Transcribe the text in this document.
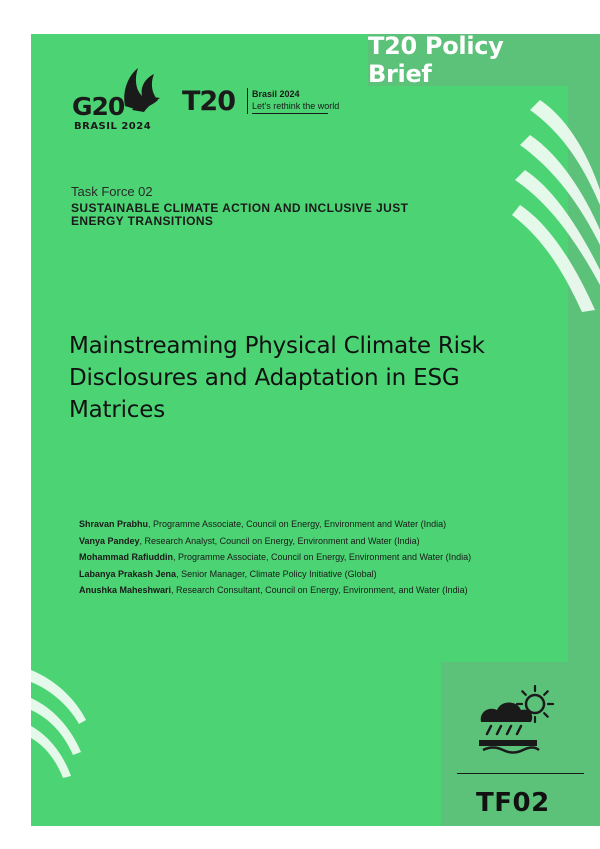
T20 Policy Brief
G20
BRASIL 2024
T20 Brasil 2024
Let's rethink the world
Task Force 02
SUSTAINABLE CLIMATE ACTION AND INCLUSIVE JUST ENERGY TRANSITIONS
Mainstreaming Physical Climate Risk Disclosures and Adaptation in ESG Matrices

Shravan Prabhu, Programme Associate, Council on Energy, Environment and Water (India)

Vanya Pandey, Research Analyst, Council on Energy, Environment and Water (India)

Mohammad Rafiuddin, Programme Associate, Council on Energy, Environment and Water (India)

Labanya Prakash Jena, Senior Manager, Climate Policy Initiative (Global)

Anushka Maheshwari, Research Consultant, Council on Energy, Environment, and Water (India)

TF02
